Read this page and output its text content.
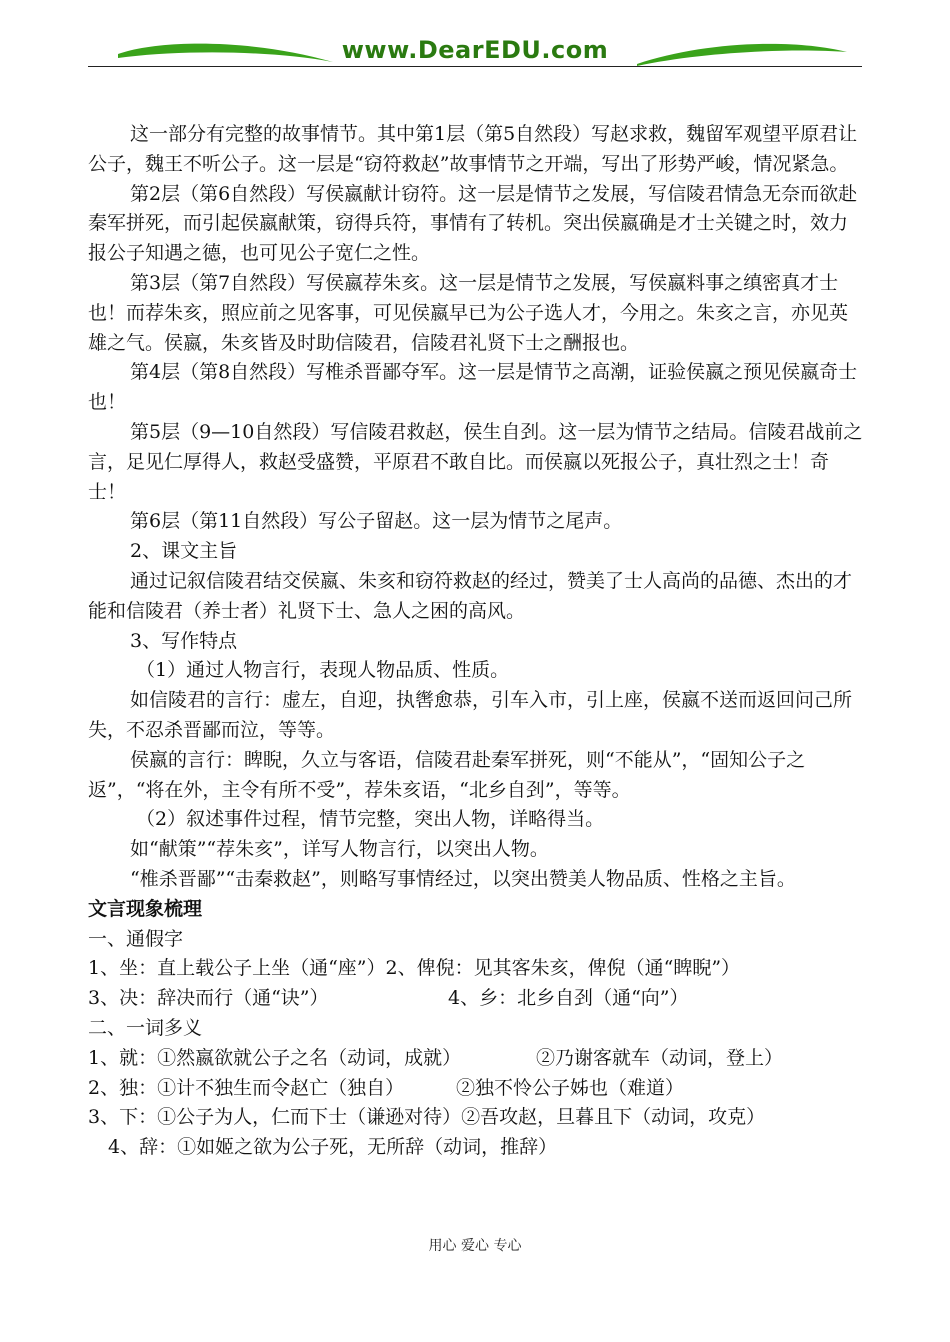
www.DearEDU.com

这一部分有完整的故事情节。其中第1层（第5自然段）写赵求救，魏留军观望平原君让公子，魏王不听公子。这一层是“窃符救赵”故事情节之开端，写出了形势严峻，情况紧急。

第2层（第6自然段）写侯嬴献计窃符。这一层是情节之发展，写信陵君情急无奈而欲赴秦军拼死，而引起侯嬴献策，窃得兵符，事情有了转机。突出侯嬴确是才士关键之时，效力报公子知遇之德，也可见公子宽仁之性。

第3层（第7自然段）写侯嬴荐朱亥。这一层是情节之发展，写侯嬴料事之缜密真才士也！而荐朱亥，照应前之见客事，可见侯嬴早已为公子选人才，今用之。朱亥之言，亦见英雄之气。侯嬴，朱亥皆及时助信陵君，信陵君礼贤下士之酬报也。

第4层（第8自然段）写椎杀晋鄙夺军。这一层是情节之高潮，证验侯嬴之预见侯嬴奇士也！

第5层（9—10自然段）写信陵君救赵，侯生自刭。这一层为情节之结局。信陵君战前之言，足见仁厚得人，救赵受盛赞，平原君不敢自比。而侯嬴以死报公子，真壮烈之士！奇士！

第6层（第11自然段）写公子留赵。这一层为情节之尾声。

2、课文主旨

通过记叙信陵君结交侯嬴、朱亥和窃符救赵的经过，赞美了士人高尚的品德、杰出的才能和信陵君（养士者）礼贤下士、急人之困的高风。

3、写作特点

（1）通过人物言行，表现人物品质、性质。

如信陵君的言行：虚左，自迎，执辔愈恭，引车入市，引上座，侯嬴不送而返回问己所失，不忍杀晋鄙而泣，等等。

侯嬴的言行：睥睨，久立与客语，信陵君赴秦军拼死，则“不能从”，“固知公子之返”，“将在外，主令有所不受”，荐朱亥语，“北乡自刭”，等等。

（2）叙述事件过程，情节完整，突出人物，详略得当。

如“献策”“荐朱亥”，详写人物言行，以突出人物。

“椎杀晋鄙”“击秦救赵”，则略写事情经过，以突出赞美人物品质、性格之主旨。

文言现象梳理

一、通假字

1、坐：直上载公子上坐（通“座”）2、俾倪：见其客朱亥，俾倪（通“睥睨”）

3、决：辞决而行（通“诀”）	4、乡：北乡自刭（通“向”）

二、一词多义

1、就：①然嬴欲就公子之名（动词，成就）	②乃谢客就车（动词，登上）

2、独：①计不独生而令赵亡（独自）	②独不怜公子姊也（难道）

3、下：①公子为人，仁而下士（谦逊对待）②吾攻赵，旦暮且下（动词，攻克）

4、辞：①如姬之欲为公子死，无所辞（动词，推辞）

用心 爱心 专心
